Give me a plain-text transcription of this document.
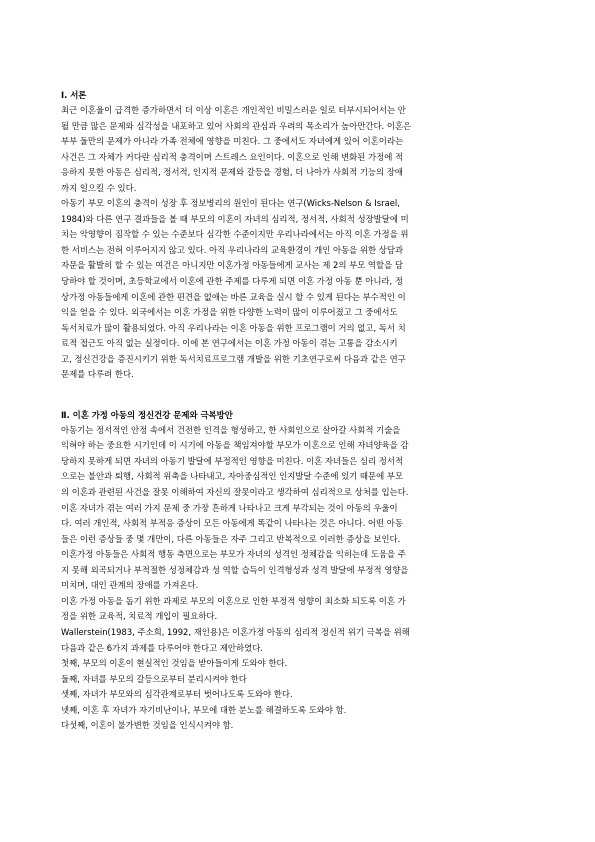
Ⅰ. 서론

최근 이혼율이 급격한 증가하면서 더 이상 이혼은 개인적인 비밀스러운 일로 터부시되어서는 안

될 만큼 많은 문제와 심각성을 내포하고 있어 사회의 관심과 우려의 목소리가 높아만간다. 이혼은

부부 둘만의 문제가 아니라 가족 전체에 영향을 미친다. 그 중에서도 자녀에게 있어 이혼이라는

사건은 그 자체가 커다란 심리적 충격이며 스트레스 요인이다. 이혼으로 인해 변화된 가정에 적

응하지 못한 아동은 심리적, 정서적, 인지적 문제와 갈등을 경험, 더 나아가 사회적 기능의 장애

까지 일으킬 수 있다.

아동기 부모 이혼의 충격이 성장 후 정보병리의 원인이 된다는 연구(Wicks-Nelson & Israel,

1984)와 다른 연구 결과들을 볼 때 부모의 이혼이 자녀의 심리적, 정서적, 사회적 성장발달에 미

치는 악영향이 짐작할 수 있는 수준보다 심각한 수준이지만 우리나라에서는 아직 이혼 가정을 위

한 서비스는 전혀 이루어지지 않고 있다. 아직 우리나라의 교육환경이 개인 아동을 위한 상담과

자문을 활발히 할 수 있는 여건은 아니지만 이혼가정 아동들에게 교사는 제 2의 부모 역할을 담

당하야 할 것이며, 초등학교에서 이혼에 관한 주제를 다루게 되면 이혼 가정 아동 뿐 아니라, 정

상가정 아동들에게 이혼에 관한 편견을 없애는 바른 교육을 실시 할 수 있게 된다는 부수적인 이

익을 얻을 수 있다. 외국에서는 이혼 가정을 위한 다양한 노력이 많이 이루어졌고 그 중에서도

독서치료가 많이 활용되었다. 아직 우리나라는 이혼 아동을 위한 프로그램이 거의 없고, 독서 치

료적 접근도 아직 없는 실정이다. 이에 본 연구에서는 이혼 가정 아동이 겪는 고통을 감소시키

고, 정신건강을 증진시키기 위한 독서치료프로그램 개발을 위한 기초연구로써 다음과 같은 연구

문제를 다루려 한다.

Ⅱ. 이혼 가정 아동의 정신건강 문제와 극복방안

아동기는 정서적인 안정 속에서 건전한 인격을 형성하고, 한 사회인으로 살아갈 사회적 기술을

익혀야 하는 중요한 시기인데 이 시기에 아동을 책임져야할 부모가 이혼으로 인해 자녀양육을 감

당하지 못하게 되면 자녀의 아동기 발달에 부정적인 영향을 미친다. 이혼 자녀들은 심리 정서적

으로는 불안과 퇴행, 사회적 위축을 나타내고, 자아중심적인 인지발달 수준에 있기 때문에 부모

의 이혼과 관련된 사건을 잘못 이해하여 자신의 잘못이라고 생각하여 심리적으로 상처를 입는다.

이혼 자녀가 겪는 여러 가지 문제 중 가장 흔하게 나타나고 크게 부각되는 것이 아동의 우울이

다. 여러 개인적, 사회적 부적응 증상이 모든 아동에게 똑같이 나타나는 것은 아니다. 어떤 아동

들은 이런 증상들 중 몇 개만이, 다른 아동들은 자주 그리고 반복적으로 이러한 증상을 보인다.

이혼가정 아동들은 사회적 행동 측면으로는 부모가 자녀의 성격인 정체감을 익히는데 도움을 주

지 못해 외곡되거나 부적절한 성정체감과 성 역할 습득이 인격형성과 성격 발달에 부정적 영향을

미치며, 대인 관계의 장애를 가져온다.

이혼 가정 아동을 돕기 위한 과제로 부모의 이혼으로 인한 부정적 영향이 최소화 되도록 이혼 가

정을 위한 교육적, 치료적 개입이 필요하다.

Wallerstein(1983, 주소희, 1992, 재인용)은 이혼가정 아동의 심리적 정신적 위기 극복을 위해

다음과 같은 6가지 과제를 다루어야 한다고 제안하였다.

첫째, 부모의 이혼이 현실적인 것임을 받아들이게 도와야 한다.

둘째, 자녀를 부모의 갈등으로부터 분리시켜야 한다

셋째, 자녀가 부모와의 심각관계로부터 벗어나도록 도와야 한다.

넷째, 이혼 후 자녀가 자기비난이나, 부모에 대한 분노를 해결하도록 도와야 함.

다섯째, 이혼이 불가변한 것임을 인식시켜야 함.
